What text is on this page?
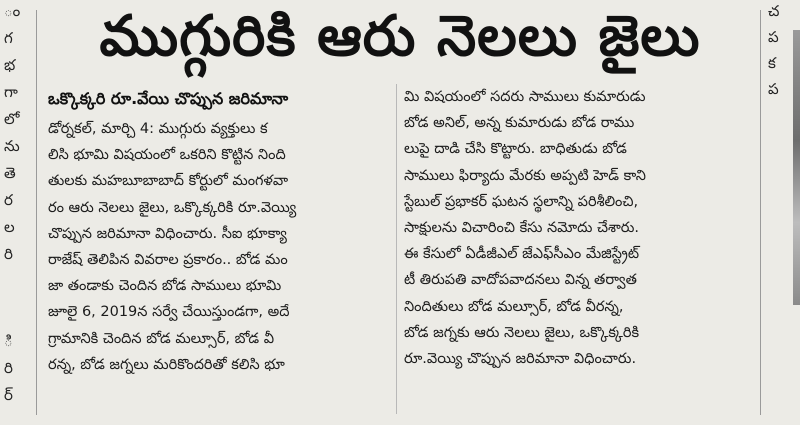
ం
గ
భ
గా
లో
ను
తె
ర
ల
రి
ి
రి
ర్
చ
ప
క
ప
ముగ్గురికి ఆరు నెలలు జైలు
ఒక్కొక్కరి రూ.వేయి చొప్పున జరిమానా
డోర్నకల్, మార్చి 4: ముగ్గురు వ్యక్తులు క
లిసి భూమి విషయంలో ఒకరిని కొట్టిన నింది
తులకు మహబూబాబాద్ కోర్టులో మంగళవా
రం ఆరు నెలలు జైలు, ఒక్కొక్కరికి రూ.వెయ్యి
చొప్పున జరిమానా విధించారు. సీఐ భూక్యా
రాజేష్ తెలిపిన వివరాల ప్రకారం.. బోడ మం
జా తండాకు చెందిన బోడ సాములు భూమి
జూలై 6, 2019న సర్వే చేయిస్తుండగా, అదే
గ్రామానికి చెందిన బోడ మల్సూర్, బోడ వీ
రన్న, బోడ జగ్నలు మరికొందరితో కలిసి భూ
మి విషయంలో సదరు సాములు కుమారుడు
బోడ అనిల్, అన్న కుమారుడు బోడ రాము
లుపై దాడి చేసి కొట్టారు. బాధితుడు బోడ
సాములు ఫిర్యాదు మేరకు అప్పటి హెడ్ కాని
స్టేబుల్ ప్రభాకర్ ఘటన స్థలాన్ని పరిశీలించి,
సాక్షులను విచారించి కేసు నమోదు చేశారు.
ఈ కేసులో ఏడీజీఎల్ జేఎఫ్‌సీఎం మేజిస్ట్రేట్
టీ తిరుపతి వాదోపవాదనలు విన్న తర్వాత
నిందితులు బోడ మల్సూర్, బోడ వీరన్న,
బోడ జగ్నకు ఆరు నెలలు జైలు, ఒక్కొక్కరికి
రూ.వెయ్యి చొప్పున జరిమానా విధించారు.
